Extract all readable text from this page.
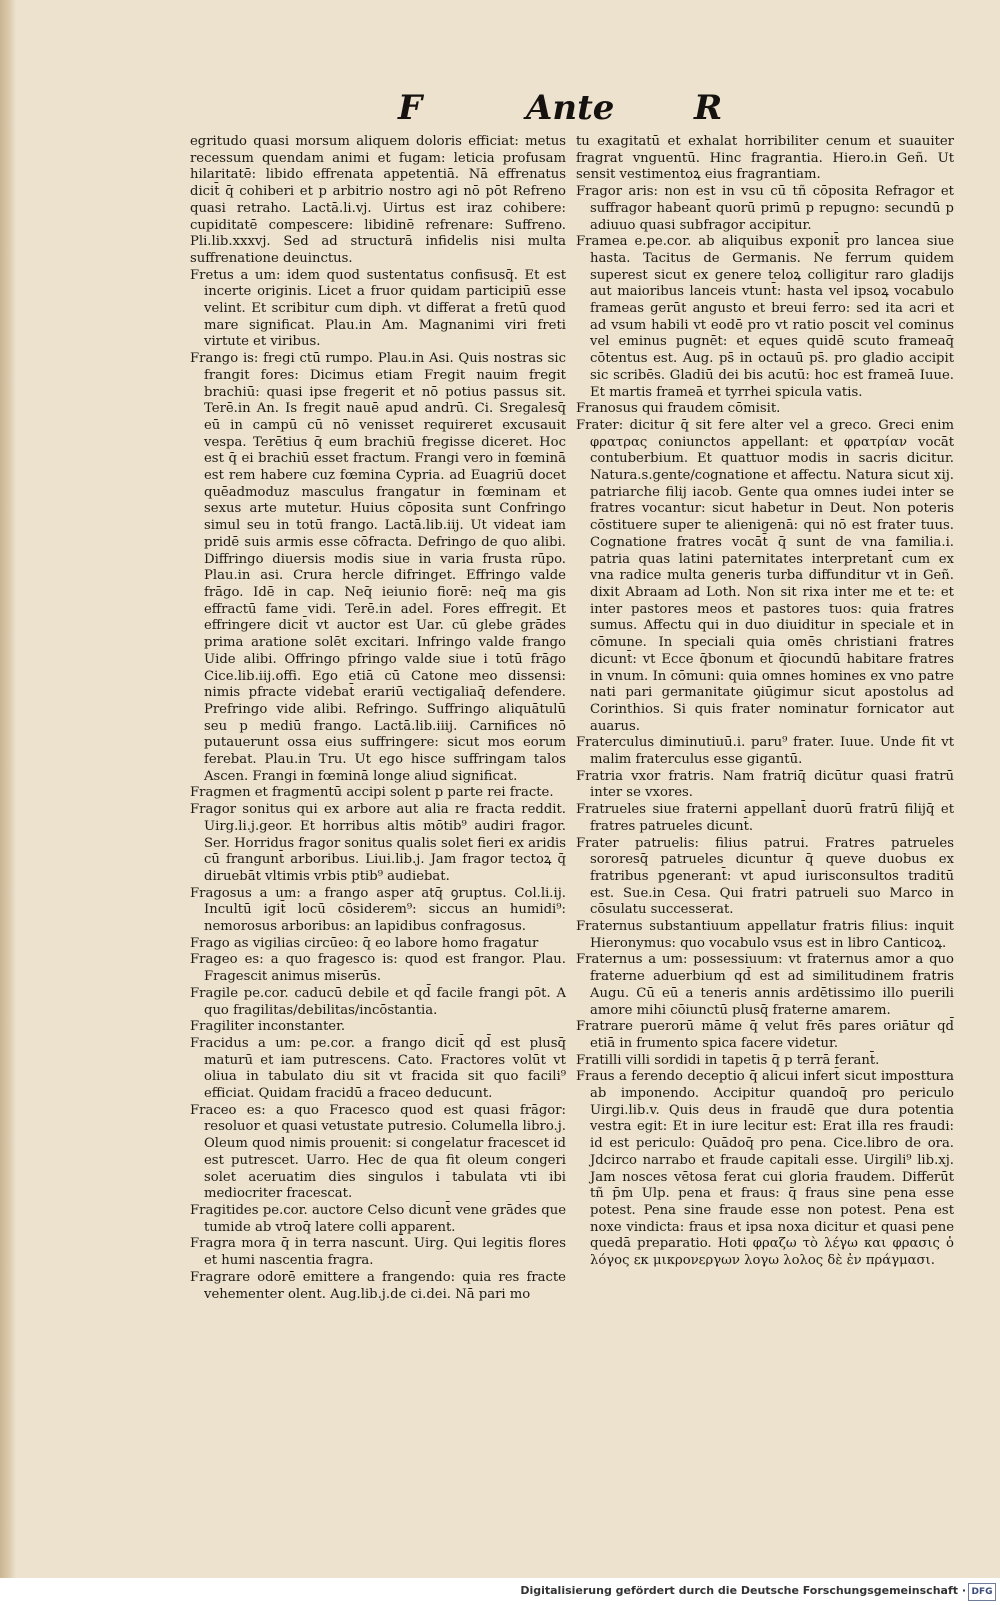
F	Ante R

egritudo quasi morsum aliquem doloris efficiat: metus recessum quendam animi et fugam: leticia profusam hilaritatē: libido effrenata appetentiā. Nā effrenatus dicit̄ q̄ cohiberi et p arbitrio nostro agi nō pōt Refreno quasi retraho. Lactā.li.vj. Uirtus est iraz cohibere: cupiditatē compescere: libidinē refrenare: Suffreno. Pli.lib.xxxvj. Sed ad structurā infidelis nisi multa suffrenatione deuinctus.

Fretus a um: idem quod sustentatus confisusq̄. Et est incerte originis. Licet a fruor quidam participiū esse velint. Et scribitur cum diph. vt differat a fretū quod mare significat. Plau.in Am. Magnanimi viri freti virtute et viribus.

Frango is: fregi ctū rumpo. Plau.in Asi. Quis nostras sic frangit fores: Dicimus etiam Fregit nauim fregit brachiū: quasi ipse fregerit et nō potius passus sit. Terē.in An. Is fregit nauē apud andrū. Ci. Sregalesq̄ eū in campū cū nō venisset requireret excusauit vespa. Terētius q̄ eum brachiū fregisse diceret. Hoc est q̄ ei brachiū esset fractum. Frangi vero in fœminā est rem habere cuz fœmina Cypria. ad Euagriū docet quēadmoduz masculus frangatur in fœminam et sexus arte mutetur. Huius cōposita sunt Confringo simul seu in totū frango. Lactā.lib.iij. Ut videat iam pridē suis armis esse cōfracta. Defringo de quo alibi. Diffringo diuersis modis siue in varia frusta rūpo. Plau.in asi. Crura hercle difringet. Effringo valde frāgo. Idē in cap. Neq̄ ieiunio fiorē: neq̄ ma gis effractū fame vidi. Terē.in adel. Fores effregit. Et effringere dicit̄ vt auctor est Uar. cū glebe grādes prima aratione solēt excitari. Infringo valde frango Uide alibi. Offringo pfringo valde siue i totū frāgo Cice.lib.iij.offi. Ego etiā cū Catone meo dissensi: nimis pfracte videbat̄ erariū vectigaliaq̄ defendere. Prefringo vide alibi. Refringo. Suffringo aliquātulū seu p mediū frango. Lactā.lib.iiij. Carnifices nō putauerunt ossa eius suffringere: sicut mos eorum ferebat. Plau.in Tru. Ut ego hisce suffringam talos Ascen. Frangi in fœminā longe aliud significat.

Fragmen et fragmentū accipi solent p parte rei fracte.

Fragor sonitus qui ex arbore aut alia re fracta reddit. Uirg.li.j.geor. Et horribus altis mōtib⁹ audiri fragor. Ser. Horridus fragor sonitus qualis solet fieri ex aridis cū frangunt̄ arboribus. Liui.lib.j. Jam fragor tectoꝝ q̄ diruebāt vltimis vrbis ptib⁹ audiebat.

Fragosus a um: a frango asper atq̄ ꝯruptus. Col.li.ij. Incultū igit̄ locū cōsiderem⁹: siccus an humidi⁹: nemorosus arboribus: an lapidibus confragosus.

Frago as vigilias circūeo: q̄ eo labore homo fragatur

Frageo es: a quo fragesco is: quod est frangor. Plau. Fragescit animus miserūs.

Fragile pe.cor. caducū debile et qd̄ facile frangi pōt. A quo fragilitas/debilitas/incōstantia.

Fragiliter inconstanter.

Fracidus a um: pe.cor. a frango dicit̄ qd̄ est plusq̄ maturū et iam putrescens. Cato. Fractores volūt vt oliua in tabulato diu sit vt fracida sit quo facili⁹ efficiat. Quidam fracidū a fraceo deducunt.

Fraceo es: a quo Fracesco quod est quasi frāgor: resoluor et quasi vetustate putresio. Columella libro.j. Oleum quod nimis prouenit: si congelatur fracescet id est putrescet. Uarro. Hec de qua fit oleum congeri solet aceruatim dies singulos i tabulata vti ibi mediocriter fracescat.

Fragitides pe.cor. auctore Celso dicunt̄ vene grādes que tumide ab vtroq̄ latere colli apparent.

Fragra mora q̄ in terra nascunt̄. Uirg. Qui legitis flores et humi nascentia fragra.

Fragrare odorē emittere a frangendo: quia res fracte vehementer olent. Aug.lib.j.de ci.dei. Nā pari mo

tu exagitatū et exhalat horribiliter cenum et suauiter fragrat vnguentū. Hinc fragrantia. Hiero.in Geñ. Ut sensit vestimentoꝝ eius fragrantiam.

Fragor aris: non est in vsu cū tñ cōposita Refragor et suffragor habeant̄ quorū primū p repugno: secundū p adiuuo quasi subfragor accipitur.

Framea e.pe.cor. ab aliquibus exponit̄ pro lancea siue hasta. Tacitus de Germanis. Ne ferrum quidem superest sicut ex genere teloꝝ colligitur raro gladijs aut maioribus lanceis vtunt̄: hasta vel ipsoꝝ vocabulo frameas gerūt angusto et breui ferro: sed ita acri et ad vsum habili vt eodē pro vt ratio poscit vel cominus vel eminus pugnēt: et eques quidē scuto frameaq̄ cōtentus est. Aug. ps̄ in octauū ps̄. pro gladio accipit sic scribēs. Gladiū dei bis acutū: hoc est frameā Iuue. Et martis frameā et tyrrhei spicula vatis.

Franosus qui fraudem cōmisit.

Frater: dicitur q̄ sit fere alter vel a greco. Greci enim φρατρας coniunctos appellant: et φρατρίαν vocāt contuberbium. Et quattuor modis in sacris dicitur. Natura.s.gente/cognatione et affectu. Natura sicut xij. patriarche filij iacob. Gente qua omnes iudei inter se fratres vocantur: sicut habetur in Deut. Non poteris cōstituere super te alienigenā: qui nō est frater tuus. Cognatione fratres vocāt̄ q̄ sunt de vna familia.i. patria quas latini paternitates interpretant̄ cum ex vna radice multa generis turba diffunditur vt in Geñ. dixit Abraam ad Loth. Non sit rixa inter me et te: et inter pastores meos et pastores tuos: quia fratres sumus. Affectu qui in duo diuiditur in speciale et in cōmune. In speciali quia omēs christiani fratres dicunt̄: vt Ecce q̄bonum et q̄iocundū habitare fratres in vnum. In cōmuni: quia omnes homines ex vno patre nati pari germanitate ꝯiūgimur sicut apostolus ad Corinthios. Si quis frater nominatur fornicator aut auarus.

Fraterculus diminutiuū.i. paru⁹ frater. Iuue. Unde fit vt malim fraterculus esse gigantū.

Fratria vxor fratris. Nam fratriq̄ dicūtur quasi fratrū inter se vxores.

Fratrueles siue fraterni appellant̄ duorū fratrū filijq̄ et fratres patrueles dicunt̄.

Frater patruelis: filius patrui. Fratres patrueles sororesq̄ patrueles dicuntur q̄ queve duobus ex fratribus pgenerant̄: vt apud iurisconsultos traditū est. Sue.in Cesa. Qui fratri patrueli suo Marco in cōsulatu successerat.

Fraternus substantiuum appellatur fratris filius: inquit Hieronymus: quo vocabulo vsus est in libro Canticoꝝ.

Fraternus a um: possessiuum: vt fraternus amor a quo fraterne aduerbium qd̄ est ad similitudinem fratris Augu. Cū eū a teneris annis ardētissimo illo puerili amore mihi cōiunctū plusq̄ fraterne amarem.

Fratrare puerorū māme q̄ velut frēs pares oriātur qd̄ etiā in frumento spica facere videtur.

Fratilli villi sordidi in tapetis q̄ p terrā ferant̄.

Fraus a ferendo deceptio q̄ alicui infert̄ sicut imposttura ab imponendo. Accipitur quandoq̄ pro periculo Uirgi.lib.v. Quis deus in fraudē que dura potentia vestra egit: Et in iure lecitur est: Erat illa res fraudi: id est periculo: Quādoq̄ pro pena. Cice.libro de ora. Jdcirco narrabo et fraude capitali esse. Uirgili⁹ lib.xj. Jam nosces vētosa ferat cui gloria fraudem. Differūt tñ p̄m Ulp. pena et fraus: q̄ fraus sine pena esse potest. Pena sine fraude esse non potest. Pena est noxe vindicta: fraus et ipsa noxa dicitur et quasi pene quedā preparatio. Hoti φραζω τὸ λέγω και φρασις ὁ λόγος εκ μικρονεργων λογω λολος δὲ ἐν πράγμασι.

Digitalisierung gefördert durch die Deutsche Forschungsgemeinschaft · DFG
